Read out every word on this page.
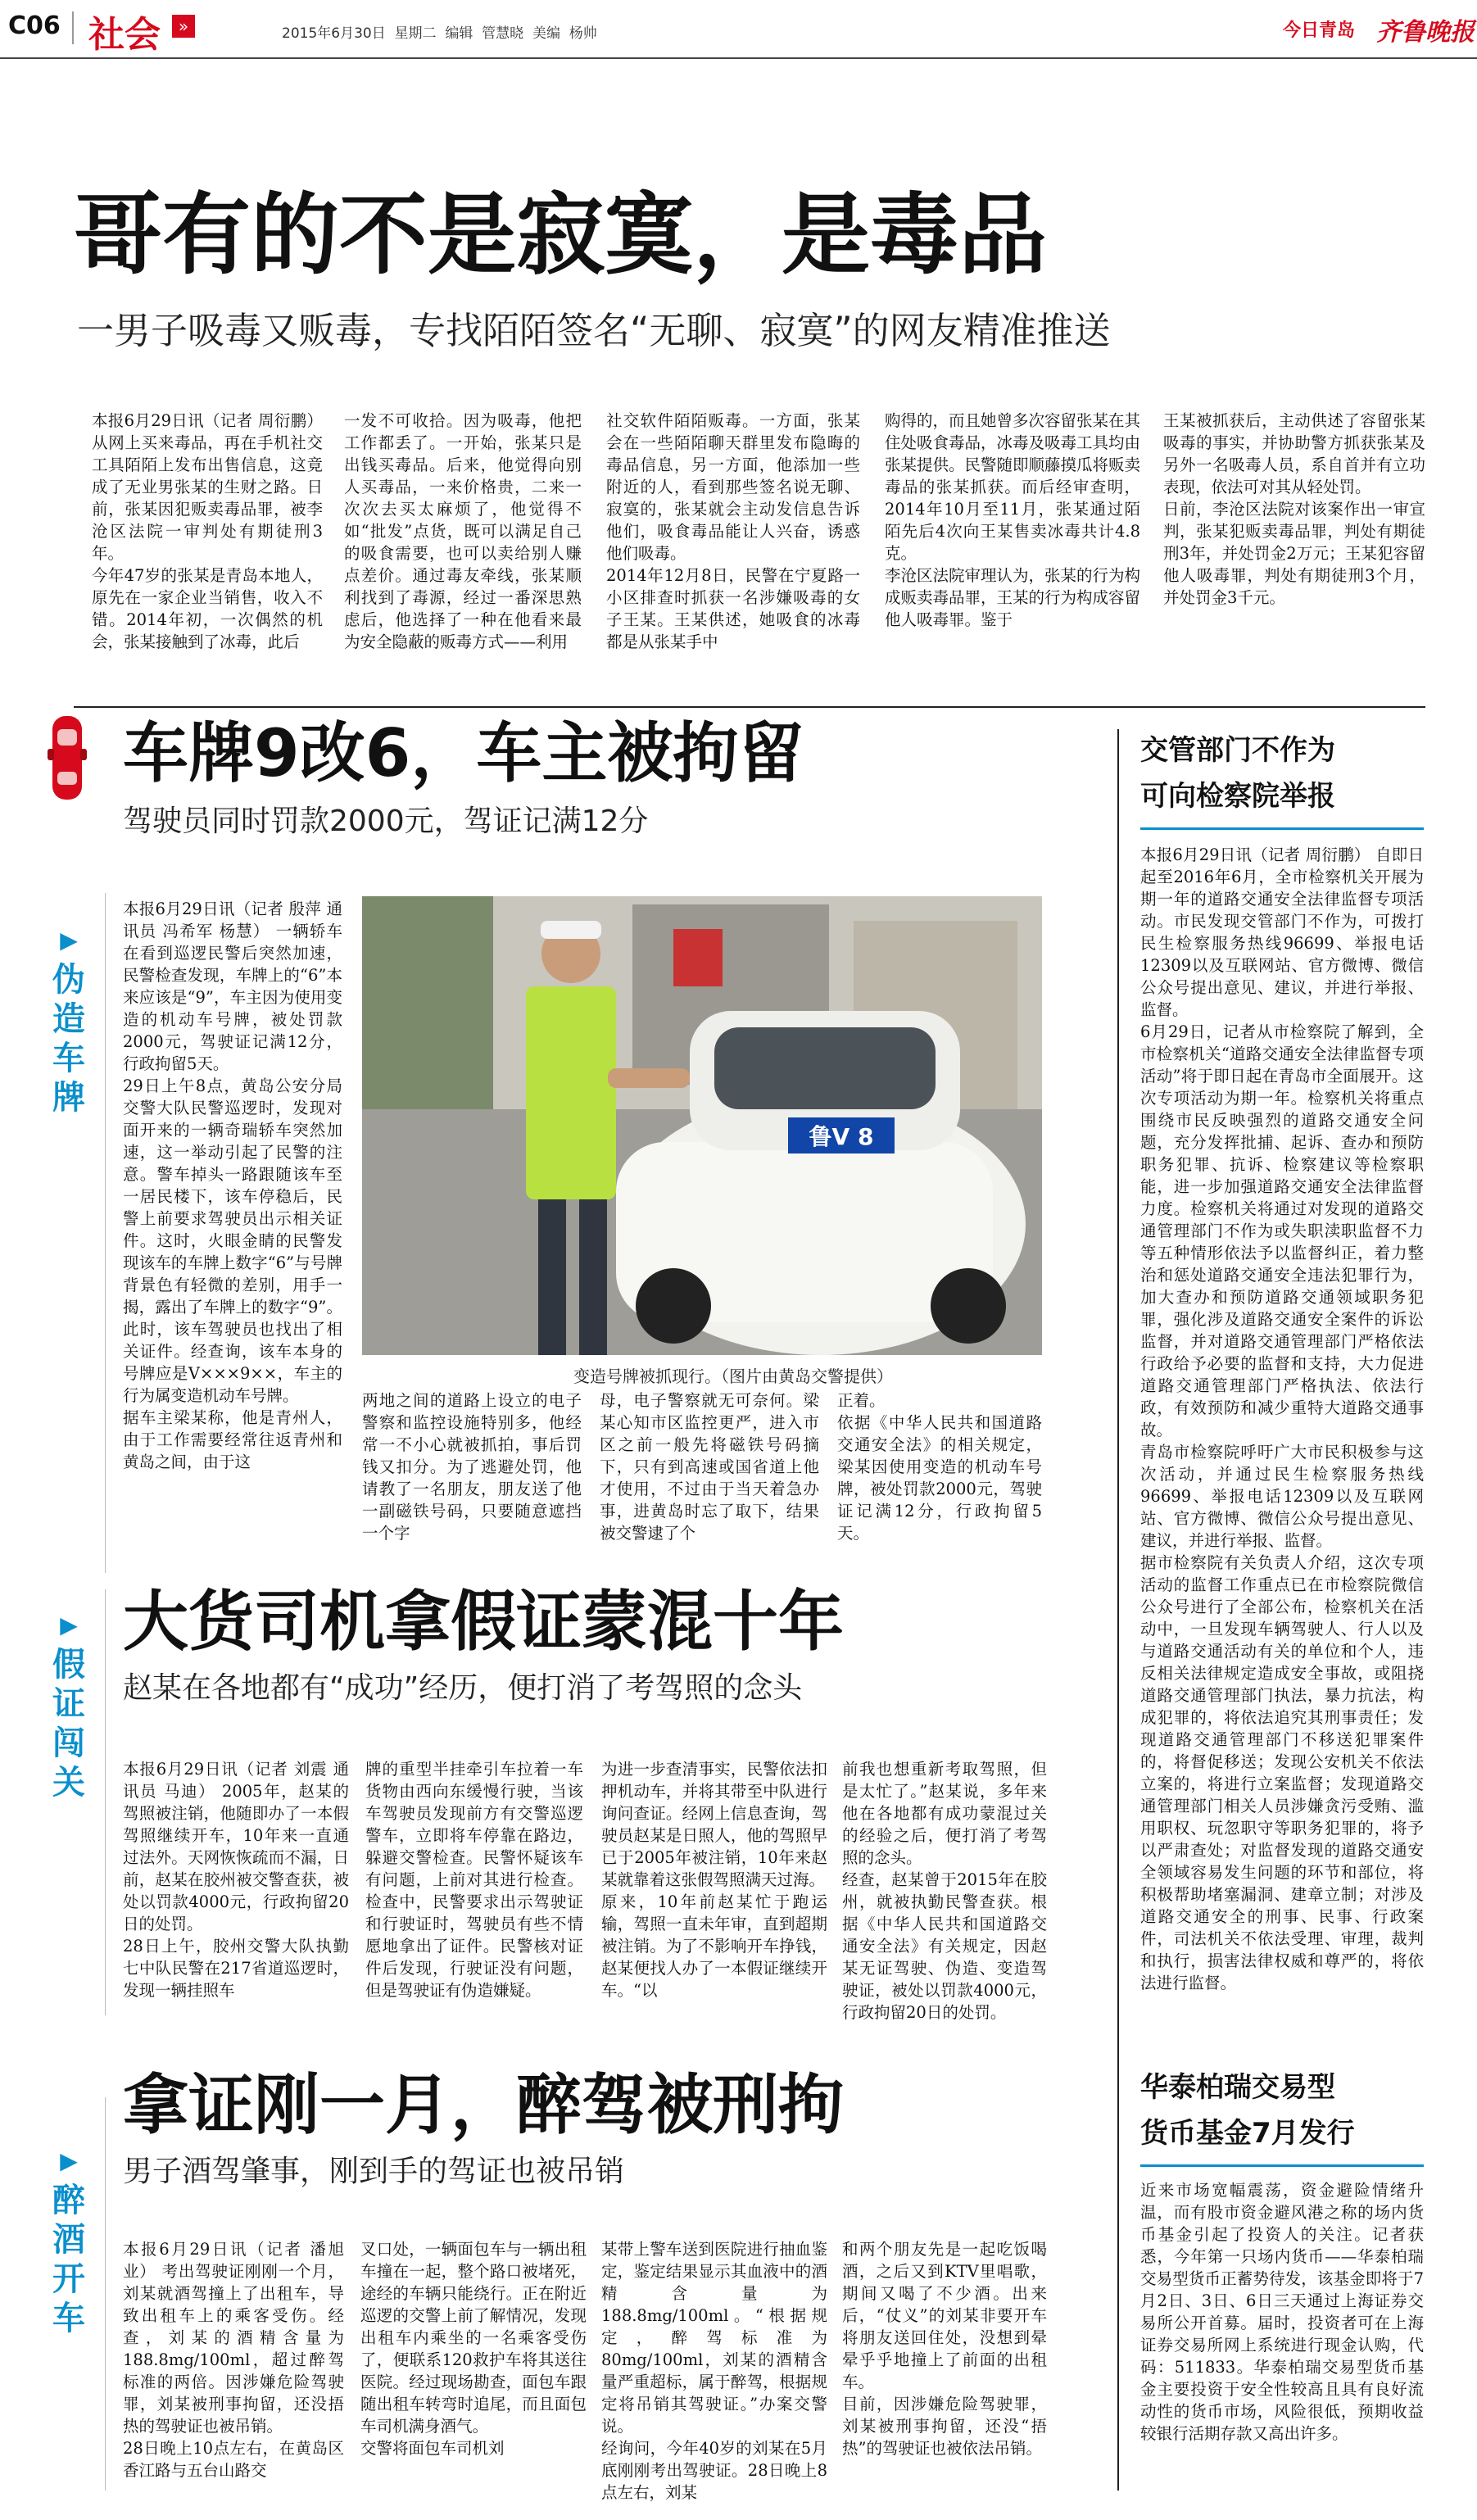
C06 社会	»	2015年6月30日  星期二  编辑  管慧晓  美编  杨帅	今日青岛 齐鲁晚报
哥有的不是寂寞，是毒品
一男子吸毒又贩毒，专找陌陌签名“无聊、寂寞”的网友精准推送
本报6月29日讯（记者 周衍鹏） 从网上买来毒品，再在手机社交工具陌陌上发布出售信息，这竟成了无业男张某的生财之路。日前，张某因犯贩卖毒品罪，被李沧区法院一审判处有期徒刑3年。
今年47岁的张某是青岛本地人，原先在一家企业当销售，收入不错。2014年初，一次偶然的机会，张某接触到了冰毒，此后
一发不可收拾。因为吸毒，他把工作都丢了。一开始，张某只是出钱买毒品。后来，他觉得向别人买毒品，一来价格贵，二来一次次去买太麻烦了，他觉得不如“批发”点货，既可以满足自己的吸食需要，也可以卖给别人赚点差价。通过毒友牵线，张某顺利找到了毒源，经过一番深思熟虑后，他选择了一种在他看来最为安全隐蔽的贩毒方式——利用
社交软件陌陌贩毒。一方面，张某会在一些陌陌聊天群里发布隐晦的毒品信息，另一方面，他添加一些附近的人，看到那些签名说无聊、寂寞的，张某就会主动发信息告诉他们，吸食毒品能让人兴奋，诱惑他们吸毒。
2014年12月8日，民警在宁夏路一小区排查时抓获一名涉嫌吸毒的女子王某。王某供述，她吸食的冰毒都是从张某手中
购得的，而且她曾多次容留张某在其住处吸食毒品，冰毒及吸毒工具均由张某提供。民警随即顺藤摸瓜将贩卖毒品的张某抓获。而后经审查明，2014年10月至11月，张某通过陌陌先后4次向王某售卖冰毒共计4.8克。
李沧区法院审理认为，张某的行为构成贩卖毒品罪，王某的行为构成容留他人吸毒罪。鉴于
王某被抓获后，主动供述了容留张某吸毒的事实，并协助警方抓获张某及另外一名吸毒人员，系自首并有立功表现，依法可对其从轻处罚。
日前，李沧区法院对该案作出一审宣判，张某犯贩卖毒品罪，判处有期徒刑3年，并处罚金2万元；王某犯容留他人吸毒罪，判处有期徒刑3个月，并处罚金3千元。
车牌9改6，车主被拘留
驾驶员同时罚款2000元，驾证记满12分
▶
伪造车牌
本报6月29日讯（记者 殷萍 通讯员 冯希军 杨慧） 一辆轿车在看到巡逻民警后突然加速，民警检查发现，车牌上的“6”本来应该是“9”，车主因为使用变造的机动车号牌，被处罚款2000元，驾驶证记满12分，行政拘留5天。
29日上午8点，黄岛公安分局交警大队民警巡逻时，发现对面开来的一辆奇瑞轿车突然加速，这一举动引起了民警的注意。警车掉头一路跟随该车至一居民楼下，该车停稳后，民警上前要求驾驶员出示相关证件。这时，火眼金睛的民警发现该车的车牌上数字“6”与号牌背景色有轻微的差别，用手一揭，露出了车牌上的数字“9”。此时，该车驾驶员也找出了相关证件。经查询，该车本身的号牌应是V×××9××，车主的行为属变造机动车号牌。
据车主梁某称，他是青州人，由于工作需要经常往返青州和黄岛之间，由于这
鲁V 8
变造号牌被抓现行。（图片由黄岛交警提供）
两地之间的道路上设立的电子警察和监控设施特别多，他经常一不小心就被抓拍，事后罚钱又扣分。为了逃避处罚，他请教了一名朋友，朋友送了他一副磁铁号码，只要随意遮挡一个字
母，电子警察就无可奈何。梁某心知市区监控更严，进入市区之前一般先将磁铁号码摘下，只有到高速或国省道上他才使用，不过由于当天着急办事，进黄岛时忘了取下，结果被交警逮了个
正着。
依据《中华人民共和国道路交通安全法》的相关规定，梁某因使用变造的机动车号牌，被处罚款2000元，驾驶证记满12分，行政拘留5天。
大货司机拿假证蒙混十年
赵某在各地都有“成功”经历，便打消了考驾照的念头
▶
假证闯关 本报6月29日讯（记者 刘震 通讯员 马迪） 2005年，赵某的驾照被注销，他随即办了一本假驾照继续开车，10年来一直通过法外。天网恢恢疏而不漏，日前，赵某在胶州被交警查获，被处以罚款4000元，行政拘留20日的处罚。
28日上午，胶州交警大队执勤七中队民警在217省道巡逻时，发现一辆挂照车
牌的重型半挂牵引车拉着一车货物由西向东缓慢行驶，当该车驾驶员发现前方有交警巡逻警车，立即将车停靠在路边，躲避交警检查。民警怀疑该车有问题，上前对其进行检查。检查中，民警要求出示驾驶证和行驶证时，驾驶员有些不情愿地拿出了证件。民警核对证件后发现，行驶证没有问题，但是驾驶证有伪造嫌疑。
为进一步查清事实，民警依法扣押机动车，并将其带至中队进行询问查证。经网上信息查询，驾驶员赵某是日照人，他的驾照早已于2005年被注销，10年来赵某就靠着这张假驾照满天过海。
原来，10年前赵某忙于跑运输，驾照一直未年审，直到超期被注销。为了不影响开车挣钱，赵某便找人办了一本假证继续开车。“以
前我也想重新考取驾照，但是太忙了。”赵某说，多年来他在各地都有成功蒙混过关的经验之后，便打消了考驾照的念头。
经查，赵某曾于2015年在胶州，就被执勤民警查获。根据《中华人民共和国道路交通安全法》有关规定，因赵某无证驾驶、伪造、变造驾驶证，被处以罚款4000元，行政拘留20日的处罚。
拿证刚一月，醉驾被刑拘
男子酒驾肇事，刚到手的驾证也被吊销
▶
醉酒开车
本报6月29日讯（记者 潘旭业） 考出驾驶证刚刚一个月，刘某就酒驾撞上了出租车，导致出租车上的乘客受伤。经查，刘某的酒精含量为188.8mg/100ml，超过醉驾标准的两倍。因涉嫌危险驾驶罪，刘某被刑事拘留，还没捂热的驾驶证也被吊销。
28日晚上10点左右，在黄岛区香江路与五台山路交
叉口处，一辆面包车与一辆出租车撞在一起，整个路口被堵死，途经的车辆只能绕行。正在附近巡逻的交警上前了解情况，发现出租车内乘坐的一名乘客受伤了，便联系120救护车将其送往医院。经过现场勘查，面包车跟随出租车转弯时追尾，而且面包车司机满身酒气。
交警将面包车司机刘
某带上警车送到医院进行抽血鉴定，鉴定结果显示其血液中的酒精含量为188.8mg/100ml。“根据规定，醉驾标准为80mg/100ml，刘某的酒精含量严重超标，属于醉驾，根据规定将吊销其驾驶证。”办案交警说。
经询问，今年40岁的刘某在5月底刚刚考出驾驶证。28日晚上8点左右，刘某
和两个朋友先是一起吃饭喝酒，之后又到KTV里唱歌，期间又喝了不少酒。出来后，“仗义”的刘某非要开车将朋友送回住处，没想到晕晕乎乎地撞上了前面的出租车。
目前，因涉嫌危险驾驶罪，刘某被刑事拘留，还没“捂热”的驾驶证也被依法吊销。
交管部门不作为
可向检察院举报
本报6月29日讯（记者 周衍鹏） 自即日起至2016年6月，全市检察机关开展为期一年的道路交通安全法律监督专项活动。市民发现交管部门不作为，可拨打民生检察服务热线96699、举报电话12309以及互联网站、官方微博、微信公众号提出意见、建议，并进行举报、监督。
6月29日，记者从市检察院了解到，全市检察机关“道路交通安全法律监督专项活动”将于即日起在青岛市全面展开。这次专项活动为期一年。检察机关将重点围绕市民反映强烈的道路交通安全问题，充分发挥批捕、起诉、查办和预防职务犯罪、抗诉、检察建议等检察职能，进一步加强道路交通安全法律监督力度。检察机关将通过对发现的道路交通管理部门不作为或失职渎职监督不力等五种情形依法予以监督纠正，着力整治和惩处道路交通安全违法犯罪行为，加大查办和预防道路交通领域职务犯罪，强化涉及道路交通安全案件的诉讼监督，并对道路交通管理部门严格依法行政给予必要的监督和支持，大力促进道路交通管理部门严格执法、依法行政，有效预防和减少重特大道路交通事故。
青岛市检察院呼吁广大市民积极参与这次活动，并通过民生检察服务热线96699、举报电话12309以及互联网站、官方微博、微信公众号提出意见、建议，并进行举报、监督。
据市检察院有关负责人介绍，这次专项活动的监督工作重点已在市检察院微信公众号进行了全部公布，检察机关在活动中，一旦发现车辆驾驶人、行人以及与道路交通活动有关的单位和个人，违反相关法律规定造成安全事故，或阻挠道路交通管理部门执法，暴力抗法，构成犯罪的，将依法追究其刑事责任；发现道路交通管理部门不移送犯罪案件的，将督促移送；发现公安机关不依法立案的，将进行立案监督；发现道路交通管理部门相关人员涉嫌贪污受贿、滥用职权、玩忽职守等职务犯罪的，将予以严肃查处；对监督发现的道路交通安全领域容易发生问题的环节和部位，将积极帮助堵塞漏洞、建章立制；对涉及道路交通安全的刑事、民事、行政案件，司法机关不依法受理、审理，裁判和执行，损害法律权威和尊严的，将依法进行监督。
华泰柏瑞交易型
货币基金7月发行
近来市场宽幅震荡，资金避险情绪升温，而有股市资金避风港之称的场内货币基金引起了投资人的关注。记者获悉，今年第一只场内货币——华泰柏瑞交易型货币正蓄势待发，该基金即将于7月2日、3日、6日三天通过上海证券交易所公开首募。届时，投资者可在上海证券交易所网上系统进行现金认购，代码：511833。华泰柏瑞交易型货币基金主要投资于安全性较高且具有良好流动性的货币市场，风险很低，预期收益较银行活期存款又高出许多。
